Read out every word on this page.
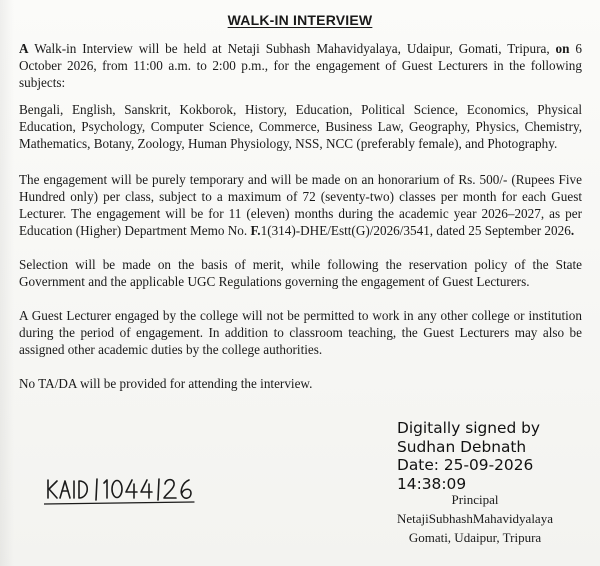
WALK-IN INTERVIEW

A Walk-in Interview will be held at Netaji Subhash Mahavidyalaya, Udaipur, Gomati, Tripura, on 6 October 2026, from 11:00 a.m. to 2:00 p.m., for the engagement of Guest Lecturers in the following subjects:

Bengali, English, Sanskrit, Kokborok, History, Education, Political Science, Economics, Physical Education, Psychology, Computer Science, Commerce, Business Law, Geography, Physics, Chemistry, Mathematics, Botany, Zoology, Human Physiology, NSS, NCC (preferably female), and Photography.

The engagement will be purely temporary and will be made on an honorarium of Rs. 500/- (Rupees Five Hundred only) per class, subject to a maximum of 72 (seventy-two) classes per month for each Guest Lecturer. The engagement will be for 11 (eleven) months during the academic year 2026–2027, as per Education (Higher) Department Memo No. F.1(314)-DHE/Estt(G)/2026/3541, dated 25 September 2026.

Selection will be made on the basis of merit, while following the reservation policy of the State Government and the applicable UGC Regulations governing the engagement of Guest Lecturers.

A Guest Lecturer engaged by the college will not be permitted to work in any other college or institution during the period of engagement. In addition to classroom teaching, the Guest Lecturers may also be assigned other academic duties by the college authorities.

No TA/DA will be provided for attending the interview.

Digitally signed by
Sudhan Debnath
Date: 25-09-2026
14:38:09
Principal
NetajiSubhashMahavidyalaya
Gomati, Udaipur, Tripura
